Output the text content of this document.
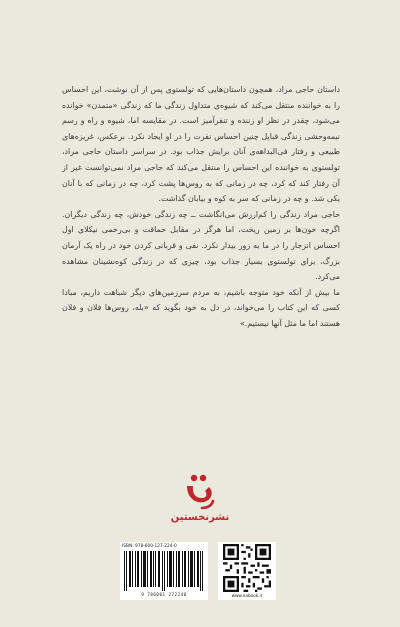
داستان حاجی مراد، همچون داستان‌هایی که تولستوی پس از آن نوشت، این احساس را به خواننده منتقل می‌کند که شیوه‌ی متداول زندگی ما که زندگی «متمدن» خوانده می‌شود، چقدر در نظر او زننده و تنفرآمیز است. در مقایسه اما، شیوه و راه و رسم نیمه‌وحشی زندگی قبایل چنین احساس نفرت را در او ایجاد نکرد. برعکس، غریزه‌های طبیعی و رفتار فی‌البداهه‌ی آنان برایش جذاب بود. در سراسر داستان حاجی مراد، تولستوی به خواننده این احساس را منتقل می‌کند که حاجی مراد نمی‌توانست غیر از آن رفتار کند که کرد، چه در زمانی که به روس‌ها پشت کرد، چه در زمانی که با آنان یکی شد. و چه در زمانی که سر به کوه و بیابان گذاشت.

حاجی مراد زندگی را کم‌ارزش می‌انگاشت ــ چه زندگی خودش، چه زندگی دیگران. اگرچه خون‌ها بر زمین ریخت، اما هرگز در مقابل حماقت و بی‌رحمی نیکلای اول احساس انزجار را در ما به زور بیدار نکرد. نفی و قربانی کردن خود در راه یک آرمان بزرگ، برای تولستوی بسیار جذاب بود، چیزی که در زندگی کوه‌نشینان مشاهده می‌کرد.

ما بیش از آنکه خود متوجه باشیم، به مردم سرزمین‌های دیگر شباهت داریم، مبادا کسی که این کتاب را می‌خواند، در دل به خود بگوید که «بله، روس‌ها فلان و فلان هستند اما ما مثل آنها نیستیم.»

نشرنخستین
ISBN: 978-600-127-224-0
9 786001 272240	www.nabook.ir
